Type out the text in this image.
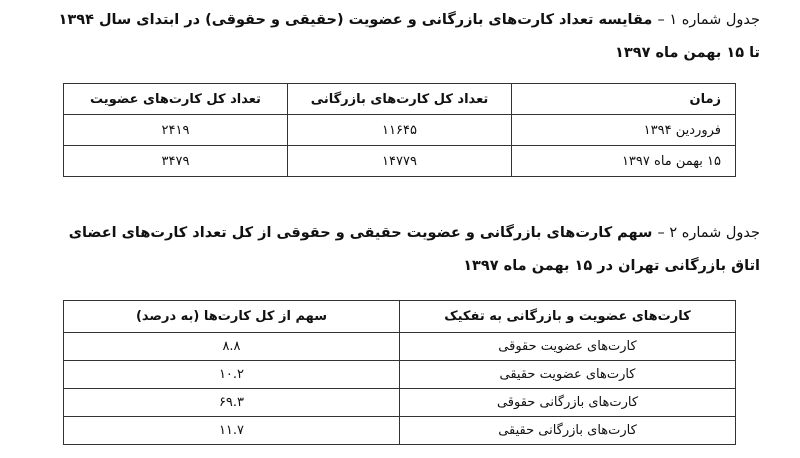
جدول شماره ۱ – مقایسه تعداد کارت‌های بازرگانی و عضویت (حقیقی و حقوقی) در ابتدای سال ۱۳۹۴ تا ۱۵ بهمن ماه ۱۳۹۷

زمان	تعداد کل کارت‌های بازرگانی	تعداد کل کارت‌های عضویت
فروردین ۱۳۹۴	۱۱۶۴۵	۲۴۱۹
۱۵ بهمن ماه ۱۳۹۷	۱۴۷۷۹	۳۴۷۹

جدول شماره ۲ – سهم کارت‌های بازرگانی و عضویت حقیقی و حقوقی از کل تعداد کارت‌های اعضای اتاق بازرگانی تهران در ۱۵ بهمن ماه ۱۳۹۷

کارت‌های عضویت و بازرگانی به تفکیک	سهم از کل کارت‌ها (به درصد)
کارت‌های عضویت حقوقی	۸.۸
کارت‌های عضویت حقیقی	۱۰.۲
کارت‌های بازرگانی حقوقی	۶۹.۳
کارت‌های بازرگانی حقیقی	۱۱.۷
